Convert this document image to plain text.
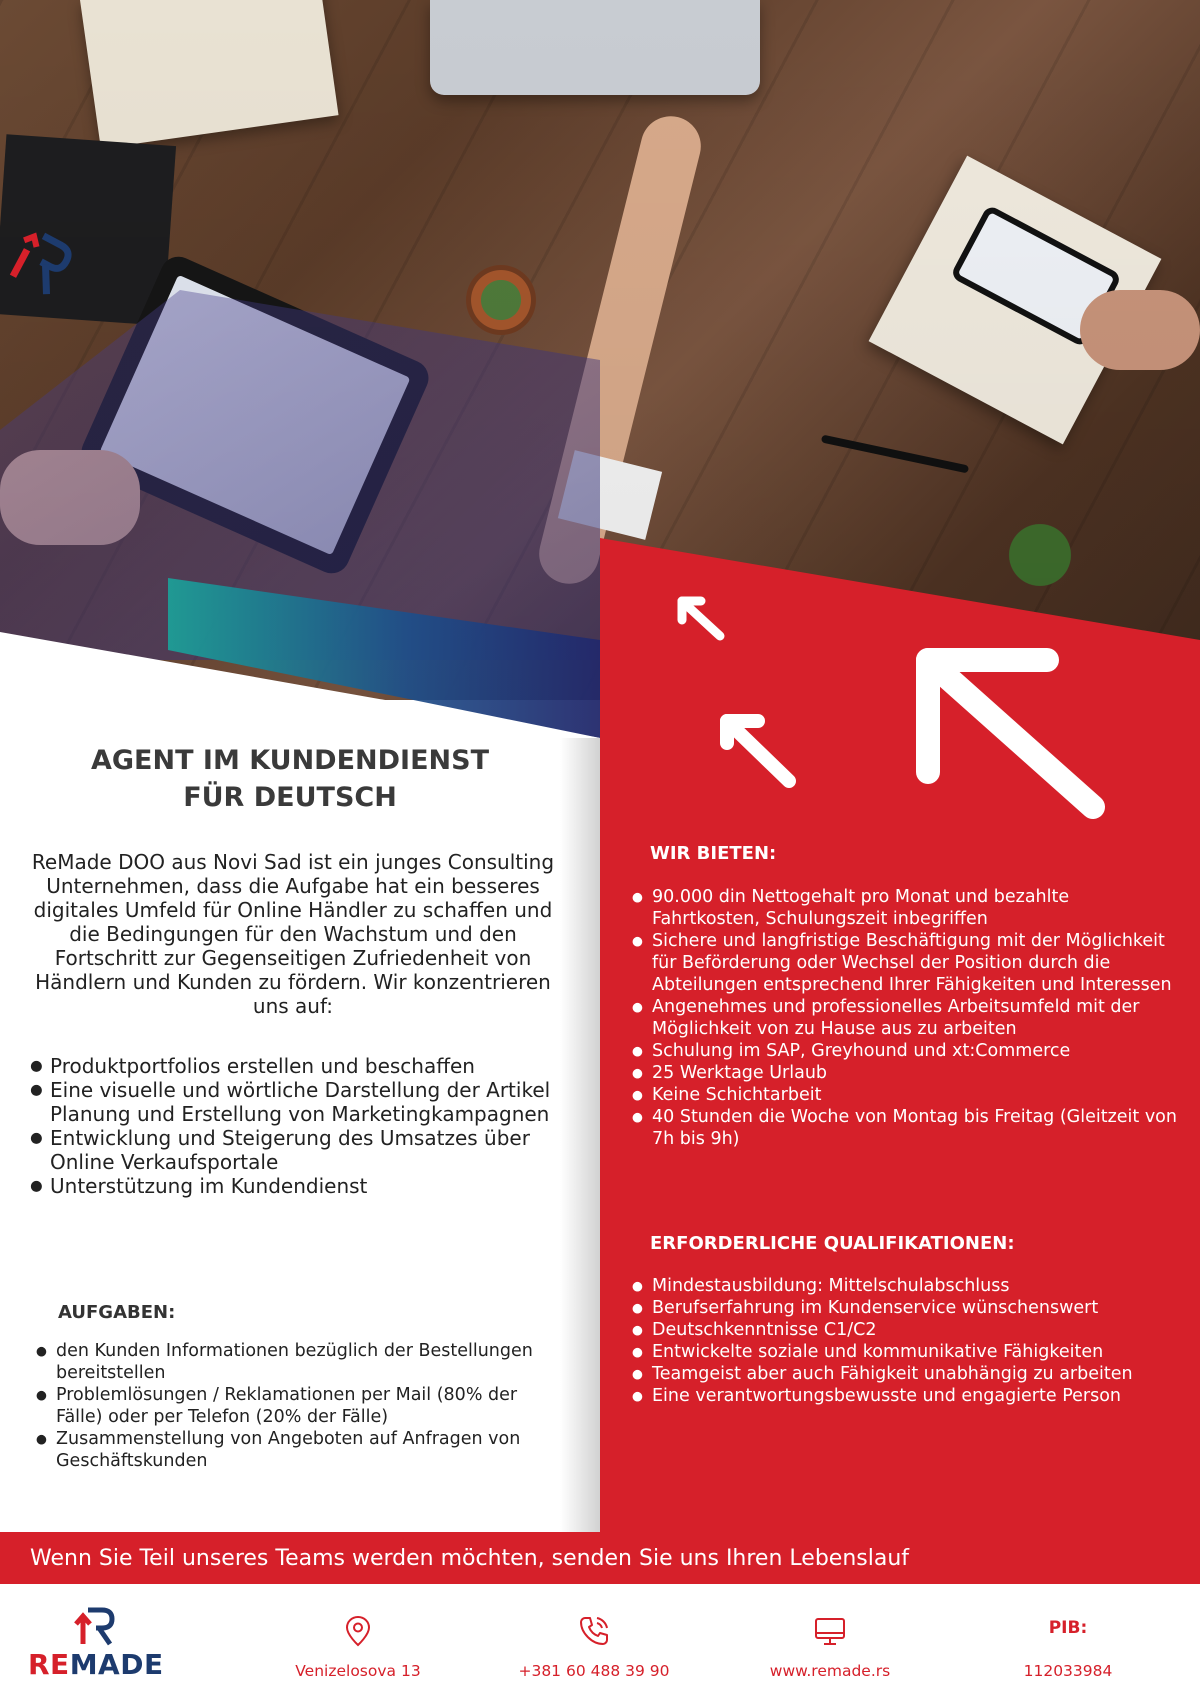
AGENT IM KUNDENDIENST
FÜR DEUTSCH
ReMade DOO aus Novi Sad ist ein junges Consulting Unternehmen, dass die Aufgabe hat ein besseres digitales Umfeld für Online Händler zu schaffen und die Bedingungen für den Wachstum und den Fortschritt zur Gegenseitigen Zufriedenheit von Händlern und Kunden zu fördern. Wir konzentrieren uns auf:
● Produktportfolios erstellen und beschaffen
● Eine visuelle und wörtliche Darstellung der Artikel Planung und Erstellung von Marketingkampagnen
● Entwicklung und Steigerung des Umsatzes über Online Verkaufsportale
● Unterstützung im Kundendienst
AUFGABEN:
● den Kunden Informationen bezüglich der Bestellungen bereitstellen
● Problemlösungen / Reklamationen per Mail (80% der Fälle) oder per Telefon (20% der Fälle)
● Zusammenstellung von Angeboten auf Anfragen von Geschäftskunden
WIR BIETEN:
● 90.000 din Nettogehalt pro Monat und bezahlte Fahrtkosten, Schulungszeit inbegriffen
● Sichere und langfristige Beschäftigung mit der Möglichkeit für Beförderung oder Wechsel der Position durch die Abteilungen entsprechend Ihrer Fähigkeiten und Interessen
● Angenehmes und professionelles Arbeitsumfeld mit der Möglichkeit von zu Hause aus zu arbeiten
● Schulung im SAP, Greyhound und xt:Commerce
● 25 Werktage Urlaub
● Keine Schichtarbeit
● 40 Stunden die Woche von Montag bis Freitag (Gleitzeit von 7h bis 9h)
ERFORDERLICHE QUALIFIKATIONEN:
● Mindestausbildung: Mittelschulabschluss
● Berufserfahrung im Kundenservice wünschenswert
● Deutschkenntnisse C1/C2
● Entwickelte soziale und kommunikative Fähigkeiten
● Teamgeist aber auch Fähigkeit unabhängig zu arbeiten
● Eine verantwortungsbewusste und engagierte Person
Wenn Sie Teil unseres Teams werden möchten, senden Sie uns Ihren Lebenslauf
Venizelosova 13	+381 60 488 39 90	www.remade.rs
PIB:
112033984
REMADE
